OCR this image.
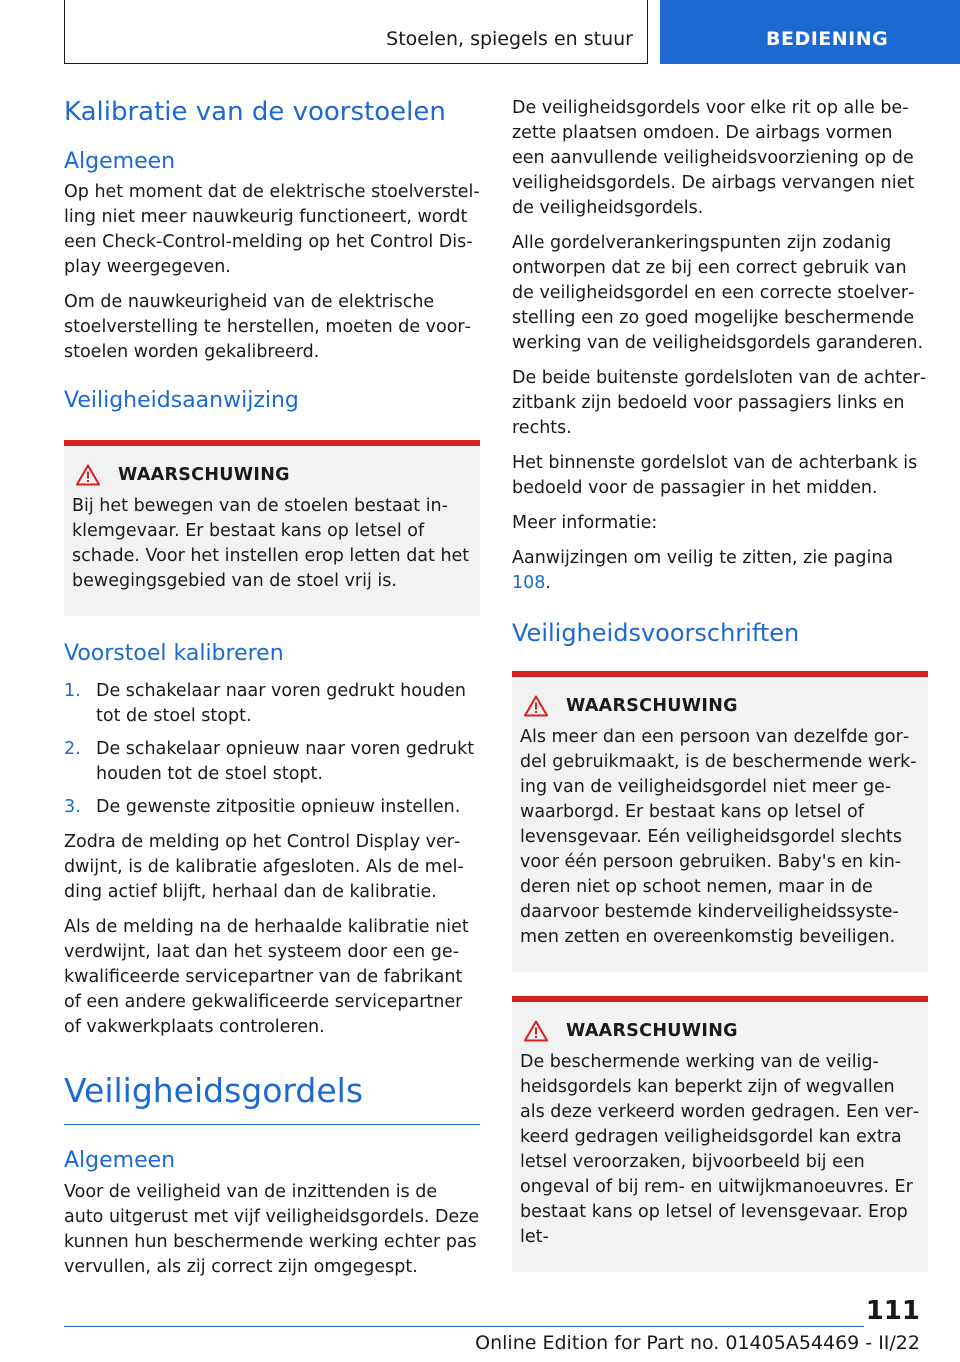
Stoelen, spiegels en stuur	BEDIENING
Kalibratie van de voorstoelen
Algemeen

Op het moment dat de elektrische stoelverstelling niet meer nauwkeurig functioneert, wordt een Check-Control-melding op het Control Display weergegeven.

Om de nauwkeurigheid van de elektrische stoelverstelling te herstellen, moeten de voorstoelen worden gekalibreerd.

Veiligheidsaanwijzing
WAARSCHUWING

Bij het bewegen van de stoelen bestaat inklemgevaar. Er bestaat kans op letsel of schade. Voor het instellen erop letten dat het bewegingsgebied van de stoel vrij is.

Voorstoel kalibreren
1. De schakelaar naar voren gedrukt houden tot de stoel stopt.
2. De schakelaar opnieuw naar voren gedrukt houden tot de stoel stopt.
3. De gewenste zitpositie opnieuw instellen.

Zodra de melding op het Control Display verdwijnt, is de kalibratie afgesloten. Als de melding actief blijft, herhaal dan de kalibratie.

Als de melding na de herhaalde kalibratie niet verdwijnt, laat dan het systeem door een gekwalificeerde servicepartner van de fabrikant of een andere gekwalificeerde servicepartner of vakwerkplaats controleren.

Veiligheidsgordels
Algemeen

Voor de veiligheid van de inzittenden is de auto uitgerust met vijf veiligheidsgordels. Deze kunnen hun beschermende werking echter pas vervullen, als zij correct zijn omgegespt.

De veiligheidsgordels voor elke rit op alle bezette plaatsen omdoen. De airbags vormen een aanvullende veiligheidsvoorziening op de veiligheidsgordels. De airbags vervangen niet de veiligheidsgordels.

Alle gordelverankeringspunten zijn zodanig ontworpen dat ze bij een correct gebruik van de veiligheidsgordel en een correcte stoelverstelling een zo goed mogelijke beschermende werking van de veiligheidsgordels garanderen.

De beide buitenste gordelsloten van de achterzitbank zijn bedoeld voor passagiers links en rechts.

Het binnenste gordelslot van de achterbank is bedoeld voor de passagier in het midden.

Meer informatie:

Aanwijzingen om veilig te zitten, zie pagina 108.

Veiligheidsvoorschriften
WAARSCHUWING

Als meer dan een persoon van dezelfde gordel gebruikmaakt, is de beschermende werking van de veiligheidsgordel niet meer gewaarborgd. Er bestaat kans op letsel of levensgevaar. Eén veiligheidsgordel slechts voor één persoon gebruiken. Baby's en kinderen niet op schoot nemen, maar in de daarvoor bestemde kinderveiligheidssystemen zetten en overeenkomstig beveiligen.

WAARSCHUWING

De beschermende werking van de veiligheidsgordels kan beperkt zijn of wegvallen als deze verkeerd worden gedragen. Een verkeerd gedragen veiligheidsgordel kan extra letsel veroorzaken, bijvoorbeeld bij een ongeval of bij rem- en uitwijkmanoeuvres. Er bestaat kans op letsel of levensgevaar. Erop let-

111
Online Edition for Part no. 01405A54469 - II/22
